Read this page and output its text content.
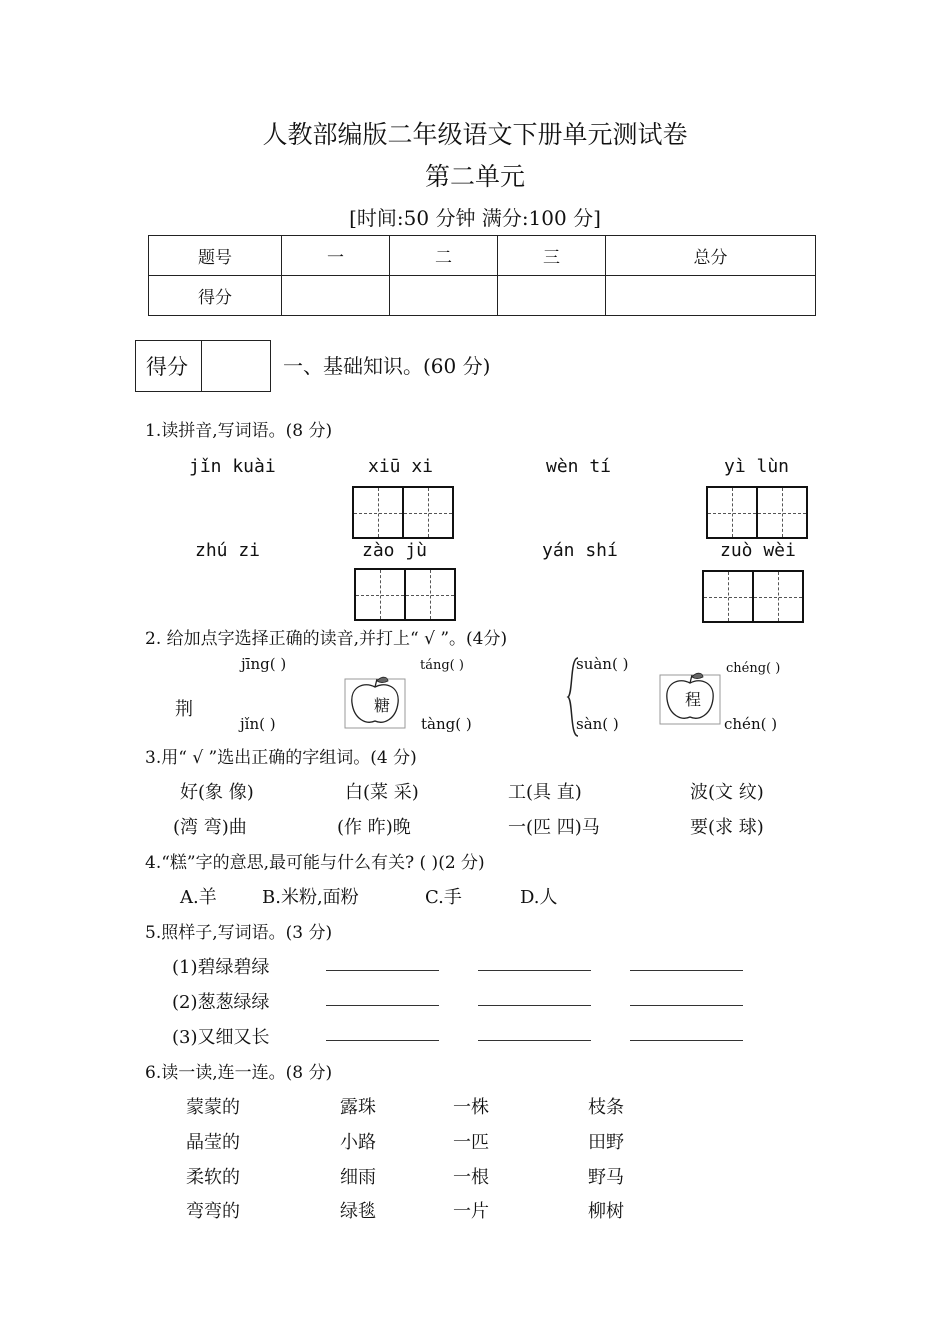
人教部编版二年级语文下册单元测试卷
第二单元
[时间:50 分钟 满分:100 分]
题号	一	二	三	总分
得分				
得分	一、基础知识。(60 分)
1.读拼音,写词语。(8 分)
jǐn kuài	xiū xi	wèn tí	yì lùn
zhú zi	zào jù	yán shí	zuò wèi
2. 给加点字选择正确的读音,并打上“ √ ”。(4分)
jīng( )
jǐn( )
荆	糖
táng( )
tàng( )
suàn( )
sàn( )
程
chéng( )
chén( )
3.用“ √ ”选出正确的字组词。(4 分)
好(象 像)	白(菜 采)	工(具 直)	波(文 纹)
(湾 弯)曲	(作 昨)晚	一(匹 四)马	要(求 球)
4.“糕”字的意思,最可能与什么有关? ( )(2 分)
A.羊	B.米粉,面粉	C.手	D.人
5.照样子,写词语。(3 分)
(1)碧绿碧绿
(2)葱葱绿绿
(3)又细又长
6.读一读,连一连。(8 分)
蒙蒙的	露珠	一株	枝条
晶莹的	小路	一匹	田野
柔软的	细雨	一根	野马
弯弯的	绿毯	一片	柳树
